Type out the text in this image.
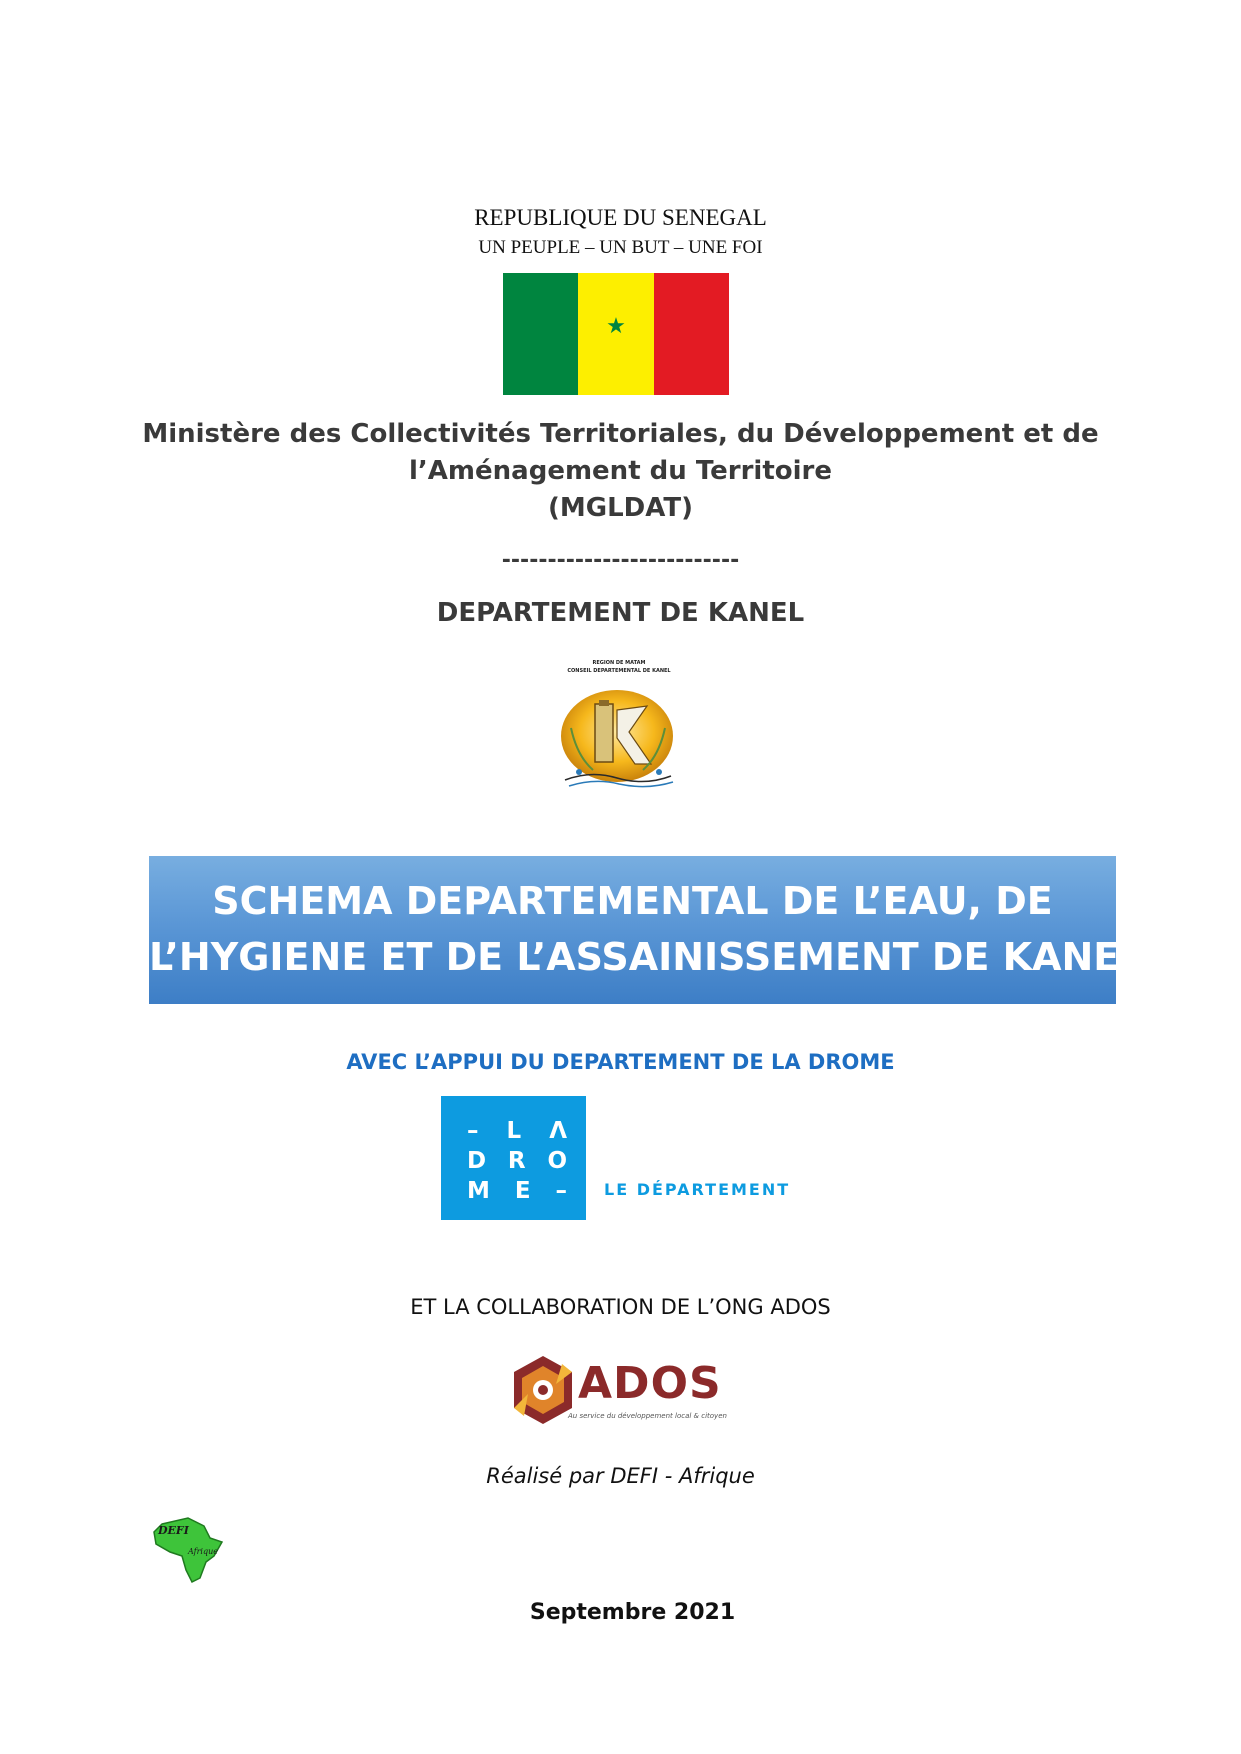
REPUBLIQUE DU SENEGAL
UN PEUPLE – UN BUT – UNE FOI
★
Ministère des Collectivités Territoriales, du Développement et de
l’Aménagement du Territoire
(MGLDAT)
--------------------------
DEPARTEMENT DE KANEL
REGION DE MATAM
CONSEIL DEPARTEMENTAL DE KANEL
SCHEMA DEPARTEMENTAL DE L’EAU, DE
L’HYGIENE ET DE L’ASSAINISSEMENT DE KANEL
AVEC L’APPUI DU DEPARTEMENT DE LA DROME
– L Λ
D R O
M E – LE DÉPARTEMENT
ET LA COLLABORATION DE L’ONG ADOS
ADOS
Au service du développement local & citoyen
Réalisé par DEFI - Afrique
DEFI
Afrique
Septembre 2021
